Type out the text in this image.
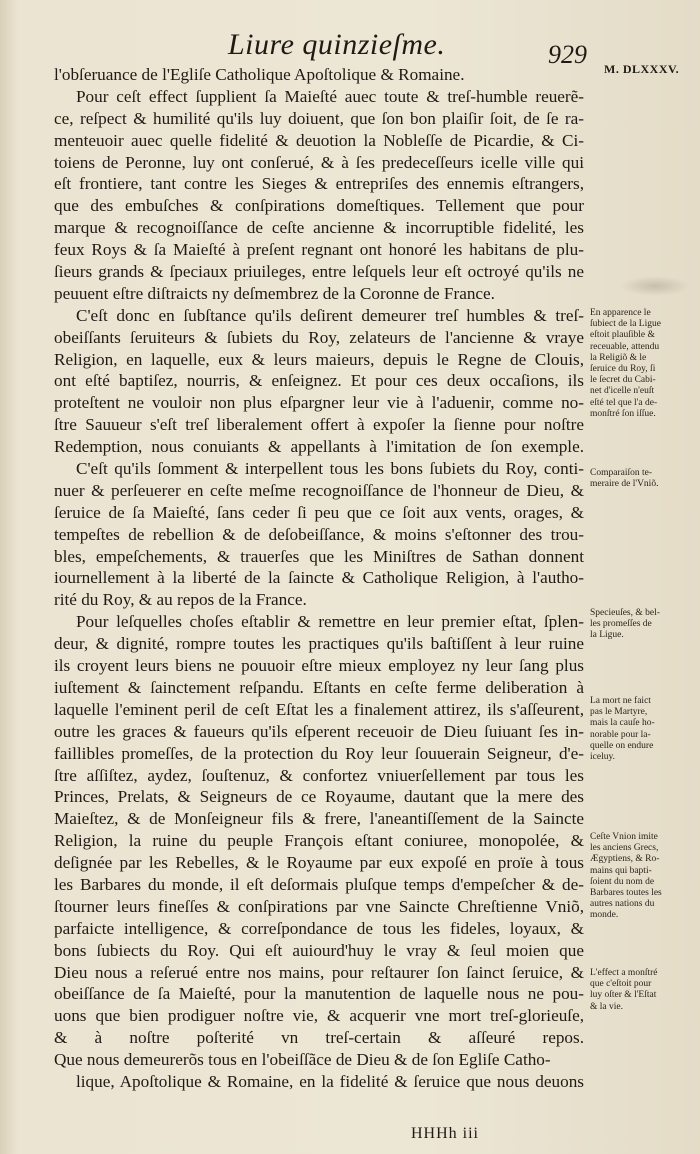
Liure quinzieſme.	929 M. DLXXXV.
l'obſeruance de l'Egliſe Catholique Apoſtolique & Romaine.
Pour ceſt effect ſupplient ſa Maieſté auec toute & treſ-humble reuerẽ-
ce, reſpect & humilité qu'ils luy doiuent, que ſon bon plaiſir ſoit, de ſe ra-
menteuoir auec quelle fidelité & deuotion la Nobleſſe de Picardie, & Ci-
toiens de Peronne, luy ont conſerué, & à ſes predeceſſeurs icelle ville qui
eſt frontiere, tant contre les Sieges & entrepriſes des ennemis eſtrangers,
que des embuſches & conſpirations domeſtiques. Tellement que pour
marque & recognoiſſance de ceſte ancienne & incorruptible fidelité, les
feux Roys & ſa Maieſté à preſent regnant ont honoré les habitans de plu-
ſieurs grands & ſpeciaux priuileges, entre leſquels leur eſt octroyé qu'ils ne
peuuent eſtre diſtraicts ny deſmembrez de la Coronne de France.
C'eſt donc en ſubſtance qu'ils deſirent demeurer treſ humbles & treſ-
obeiſſants ſeruiteurs & ſubiets du Roy, zelateurs de l'ancienne & vraye
Religion, en laquelle, eux & leurs maieurs, depuis le Regne de Clouis,
ont eſté baptiſez, nourris, & enſeignez. Et pour ces deux occaſions, ils
proteſtent ne vouloir non plus eſpargner leur vie à l'aduenir, comme no-
ſtre Sauueur s'eſt treſ liberalement offert à expoſer la ſienne pour noſtre
Redemption, nous conuiants & appellants à l'imitation de ſon exemple.
C'eſt qu'ils ſomment & interpellent tous les bons ſubiets du Roy, conti-
nuer & perſeuerer en ceſte meſme recognoiſſance de l'honneur de Dieu, &
ſeruice de ſa Maieſté, ſans ceder ſi peu que ce ſoit aux vents, orages, &
tempeſtes de rebellion & de deſobeiſſance, & moins s'eſtonner des trou-
bles, empeſchements, & trauerſes que les Miniſtres de Sathan donnent
iournellement à la liberté de la ſaincte & Catholique Religion, à l'autho-
rité du Roy, & au repos de la France.
Pour leſquelles choſes eſtablir & remettre en leur premier eſtat, ſplen-
deur, & dignité, rompre toutes les practiques qu'ils baſtiſſent à leur ruine
ils croyent leurs biens ne pouuoir eſtre mieux employez ny leur ſang plus
iuſtement & ſainctement reſpandu. Eſtants en ceſte ferme deliberation à
laquelle l'eminent peril de ceſt Eſtat les a finalement attirez, ils s'aſſeurent,
outre les graces & faueurs qu'ils eſperent receuoir de Dieu ſuiuant ſes in-
faillibles promeſſes, de la protection du Roy leur ſouuerain Seigneur, d'e-
ſtre aſſiſtez, aydez, ſouſtenuz, & confortez vniuerſellement par tous les
Princes, Prelats, & Seigneurs de ce Royaume, dautant que la mere des
Maieſtez, & de Monſeigneur fils & frere, l'aneantiſſement de la Saincte
Religion, la ruine du peuple François eſtant coniuree, monopolée, &
deſignée par les Rebelles, & le Royaume par eux expoſé en proïe à tous
les Barbares du monde, il eſt deſormais pluſque temps d'empeſcher & de-
ſtourner leurs fineſſes & conſpirations par vne Saincte Chreſtienne Vniõ,
parfaicte intelligence, & correſpondance de tous les fideles, loyaux, &
bons ſubiects du Roy. Qui eſt auiourd'huy le vray & ſeul moien que
Dieu nous a reſerué entre nos mains, pour reſtaurer ſon ſainct ſeruice, &
obeiſſance de ſa Maieſté, pour la manutention de laquelle nous ne pou-
uons que bien prodiguer noſtre vie, & acquerir vne mort treſ-glorieuſe,
& à noſtre poſterité vn treſ-certain & aſſeuré repos.
Que nous demeurerõs tous en l'obeiſſãce de Dieu & de ſon Egliſe Catho-
lique, Apoſtolique & Romaine, en la fidelité & ſeruice que nous deuons
En apparence le
ſubiect de la Ligue
eſtoit plauſible &
receuable, attendu
la Religiõ & le
ſeruice du Roy, ſi
le ſecret du Cabi-
net d'icelle n'euſt
eſté tel que l'a de-
monſtré ſon iſſue.
Comparaiſon te-
meraire de l'Vniõ.
Specieuſes, & bel-
les promeſſes de
la Ligue.
La mort ne faict
pas le Martyre,
mais la cauſe ho-
norable pour la-
quelle on endure
iceluy.
Ceſte Vnion imite
les anciens Grecs,
Ægyptiens, & Ro-
mains qui bapti-
ſoient du nom de
Barbares toutes les
autres nations du
monde.
L'effect a monſtré
que c'eſtoit pour
luy oſter & l'Eſtat
& la vie.
HHHh iii
